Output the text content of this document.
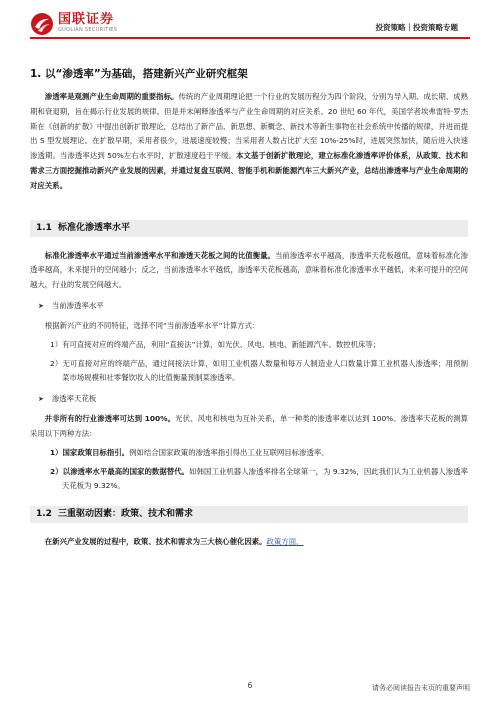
国联证券
GUOLIAN SECURITIES	投资策略｜投资策略专题
1. 以“渗透率”为基础，搭建新兴产业研究框架

渗透率是观测产业生命周期的重要指标。传统的产业周期理论把一个行业的发展历程分为四个阶段，分别为导入期、成长期、成熟期和衰退期，旨在揭示行业发展的规律。但是并未阐释渗透率与产业生命周期的对应关系。20 世纪 60 年代，美国学者埃弗雷特·罗杰斯在《创新的扩散》中提出创新扩散理论，总结出了新产品、新思想、新概念、新技术等新生事物在社会系统中传播的规律，并进而提出 S 型发展理论。在扩散早期，采用者很少，进展速度较慢；当采用者人数占比扩大至 10%-25%时，进展突然加快，随后进入快速渗透期。当渗透率达到 50%左右水平时，扩散速度趋于平缓。本文基于创新扩散理论，建立标准化渗透率评价体系，从政策、技术和需求三方面挖掘推动新兴产业发展的因素，并通过复盘互联网、智能手机和新能源汽车三大新兴产业，总结出渗透率与产业生命周期的对应关系。

1.1 标准化渗透率水平

标准化渗透率水平通过当前渗透率水平和渗透天花板之间的比值衡量。当前渗透率水平越高，渗透率天花板越低，意味着标准化渗透率越高，未来提升的空间越小；反之，当前渗透率水平越低，渗透率天花板越高，意味着标准化渗透率水平越低，未来可提升的空间越大，行业的发展空间越大。

➤ 当前渗透率水平

根据新兴产业的不同特征，选择不同“当前渗透率水平”计算方式：

1）有可直接对应的终端产品，利用“直接法”计算，如光伏、风电、核电、新能源汽车、数控机床等；
2）无可直接对应的终端产品，通过间接法计算，如用工业机器人数量和每万人制造业人口数量计算工业机器人渗透率；用预制菜市场规模和社零餐饮收入的比值衡量预制菜渗透率。
➤ 渗透率天花板

并非所有的行业渗透率可达到 100%。光伏、风电和核电为互补关系，单一种类的渗透率难以达到 100%。渗透率天花板的测算采用以下两种方法：

1）国家政策目标指引。例如结合国家政策的渗透率指引得出工业互联网目标渗透率。
2）以渗透率水平最高的国家的数据替代。如韩国工业机器人渗透率排名全球第一，为 9.32%，因此我们认为工业机器人渗透率天花板为 9.32%。
1.2 三重驱动因素：政策、技术和需求

在新兴产业发展的过程中，政策、技术和需求为三大核心催化因素。政策方面，

6	请务必阅读报告末页的重要声明
